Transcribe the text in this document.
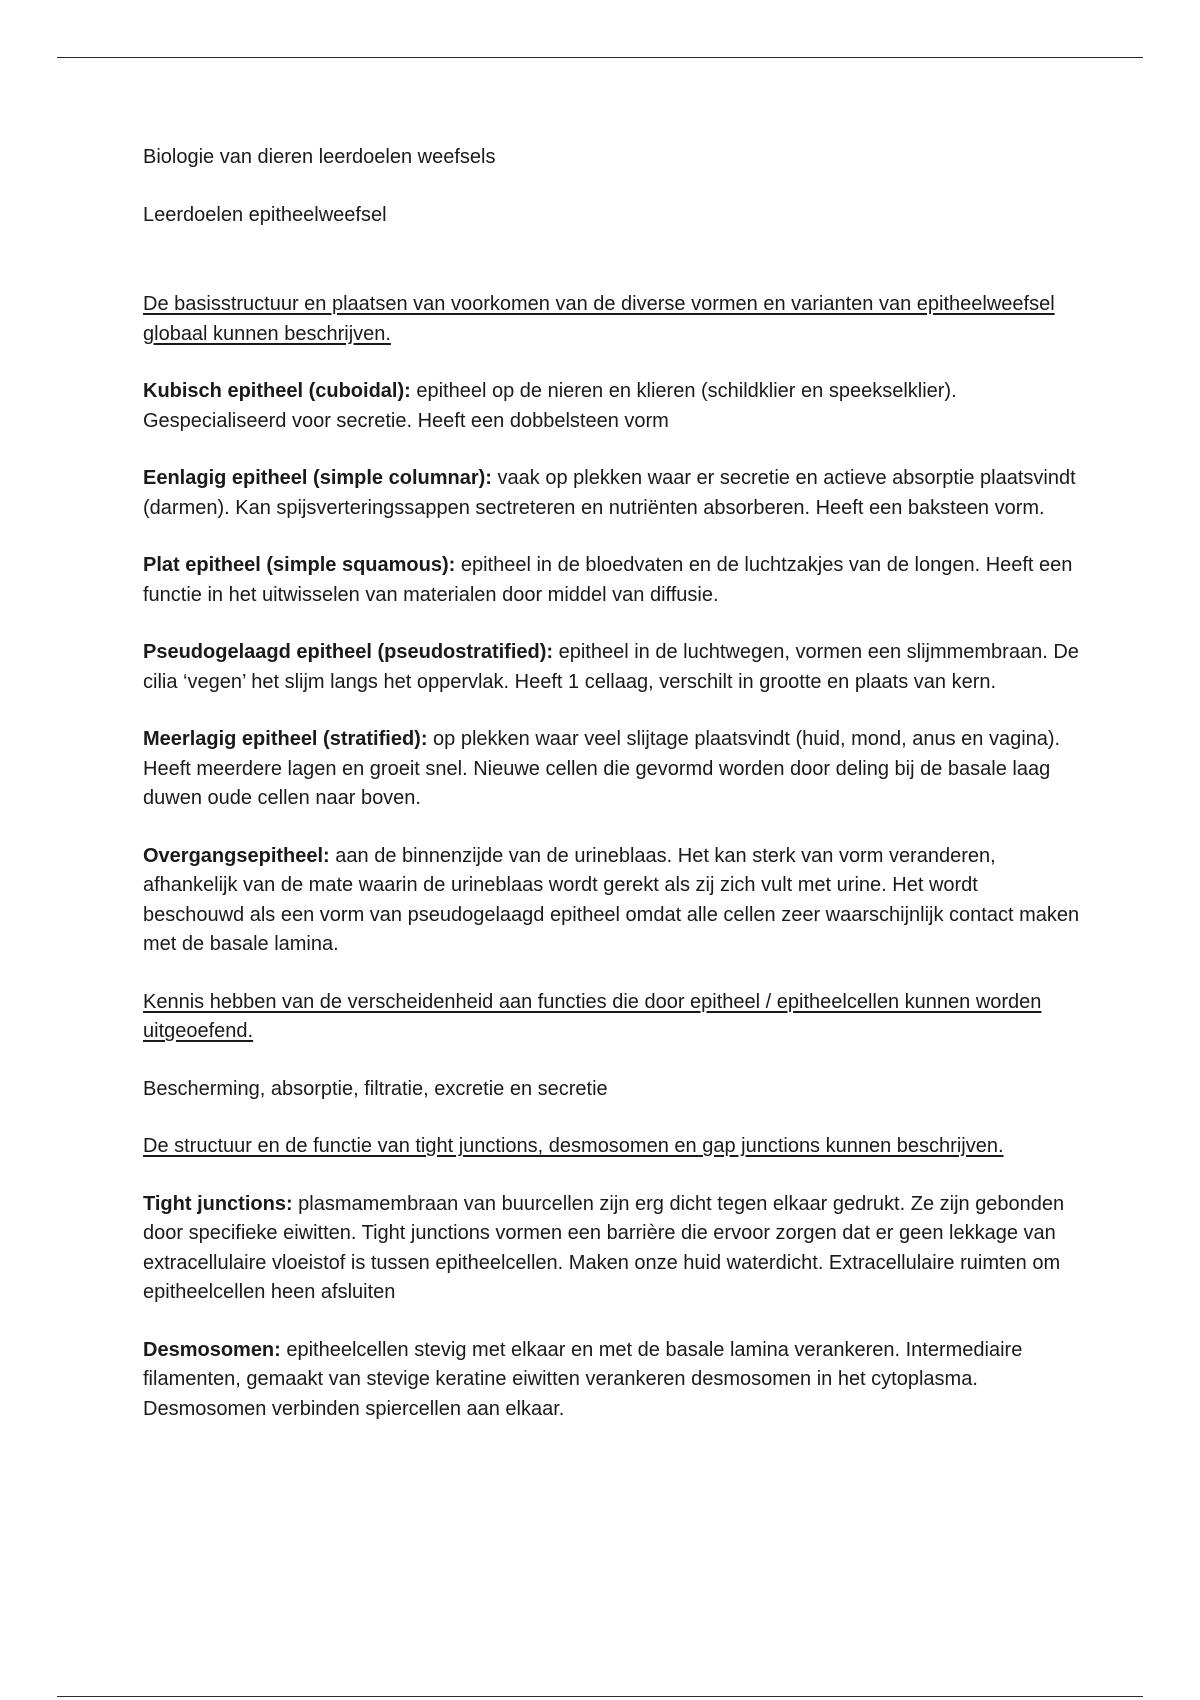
Biologie van dieren leerdoelen weefsels

Leerdoelen epitheelweefsel

De basisstructuur en plaatsen van voorkomen van de diverse vormen en varianten van epitheelweefsel globaal kunnen beschrijven.

Kubisch epitheel (cuboidal): epitheel op de nieren en klieren (schildklier en speekselklier). Gespecialiseerd voor secretie. Heeft een dobbelsteen vorm

Eenlagig epitheel (simple columnar): vaak op plekken waar er secretie en actieve absorptie plaatsvindt (darmen). Kan spijsverteringssappen sectreteren en nutriënten absorberen. Heeft een baksteen vorm.

Plat epitheel (simple squamous): epitheel in de bloedvaten en de luchtzakjes van de longen. Heeft een functie in het uitwisselen van materialen door middel van diffusie.

Pseudogelaagd epitheel (pseudostratified): epitheel in de luchtwegen, vormen een slijmmembraan. De cilia ‘vegen’ het slijm langs het oppervlak. Heeft 1 cellaag, verschilt in grootte en plaats van kern.

Meerlagig epitheel (stratified): op plekken waar veel slijtage plaatsvindt (huid, mond, anus en vagina). Heeft meerdere lagen en groeit snel. Nieuwe cellen die gevormd worden door deling bij de basale laag duwen oude cellen naar boven.

Overgangsepitheel: aan de binnenzijde van de urineblaas. Het kan sterk van vorm veranderen, afhankelijk van de mate waarin de urineblaas wordt gerekt als zij zich vult met urine. Het wordt beschouwd als een vorm van pseudogelaagd epitheel omdat alle cellen zeer waarschijnlijk contact maken met de basale lamina.

Kennis hebben van de verscheidenheid aan functies die door epitheel / epitheelcellen kunnen worden uitgeoefend.

Bescherming, absorptie, filtratie, excretie en secretie

De structuur en de functie van tight junctions, desmosomen en gap junctions kunnen beschrijven.

Tight junctions: plasmamembraan van buurcellen zijn erg dicht tegen elkaar gedrukt. Ze zijn gebonden door specifieke eiwitten. Tight junctions vormen een barrière die ervoor zorgen dat er geen lekkage van extracellulaire vloeistof is tussen epitheelcellen. Maken onze huid waterdicht. Extracellulaire ruimten om epitheelcellen heen afsluiten

Desmosomen: epitheelcellen stevig met elkaar en met de basale lamina verankeren. Intermediaire filamenten, gemaakt van stevige keratine eiwitten verankeren desmosomen in het cytoplasma. Desmosomen verbinden spiercellen aan elkaar.
